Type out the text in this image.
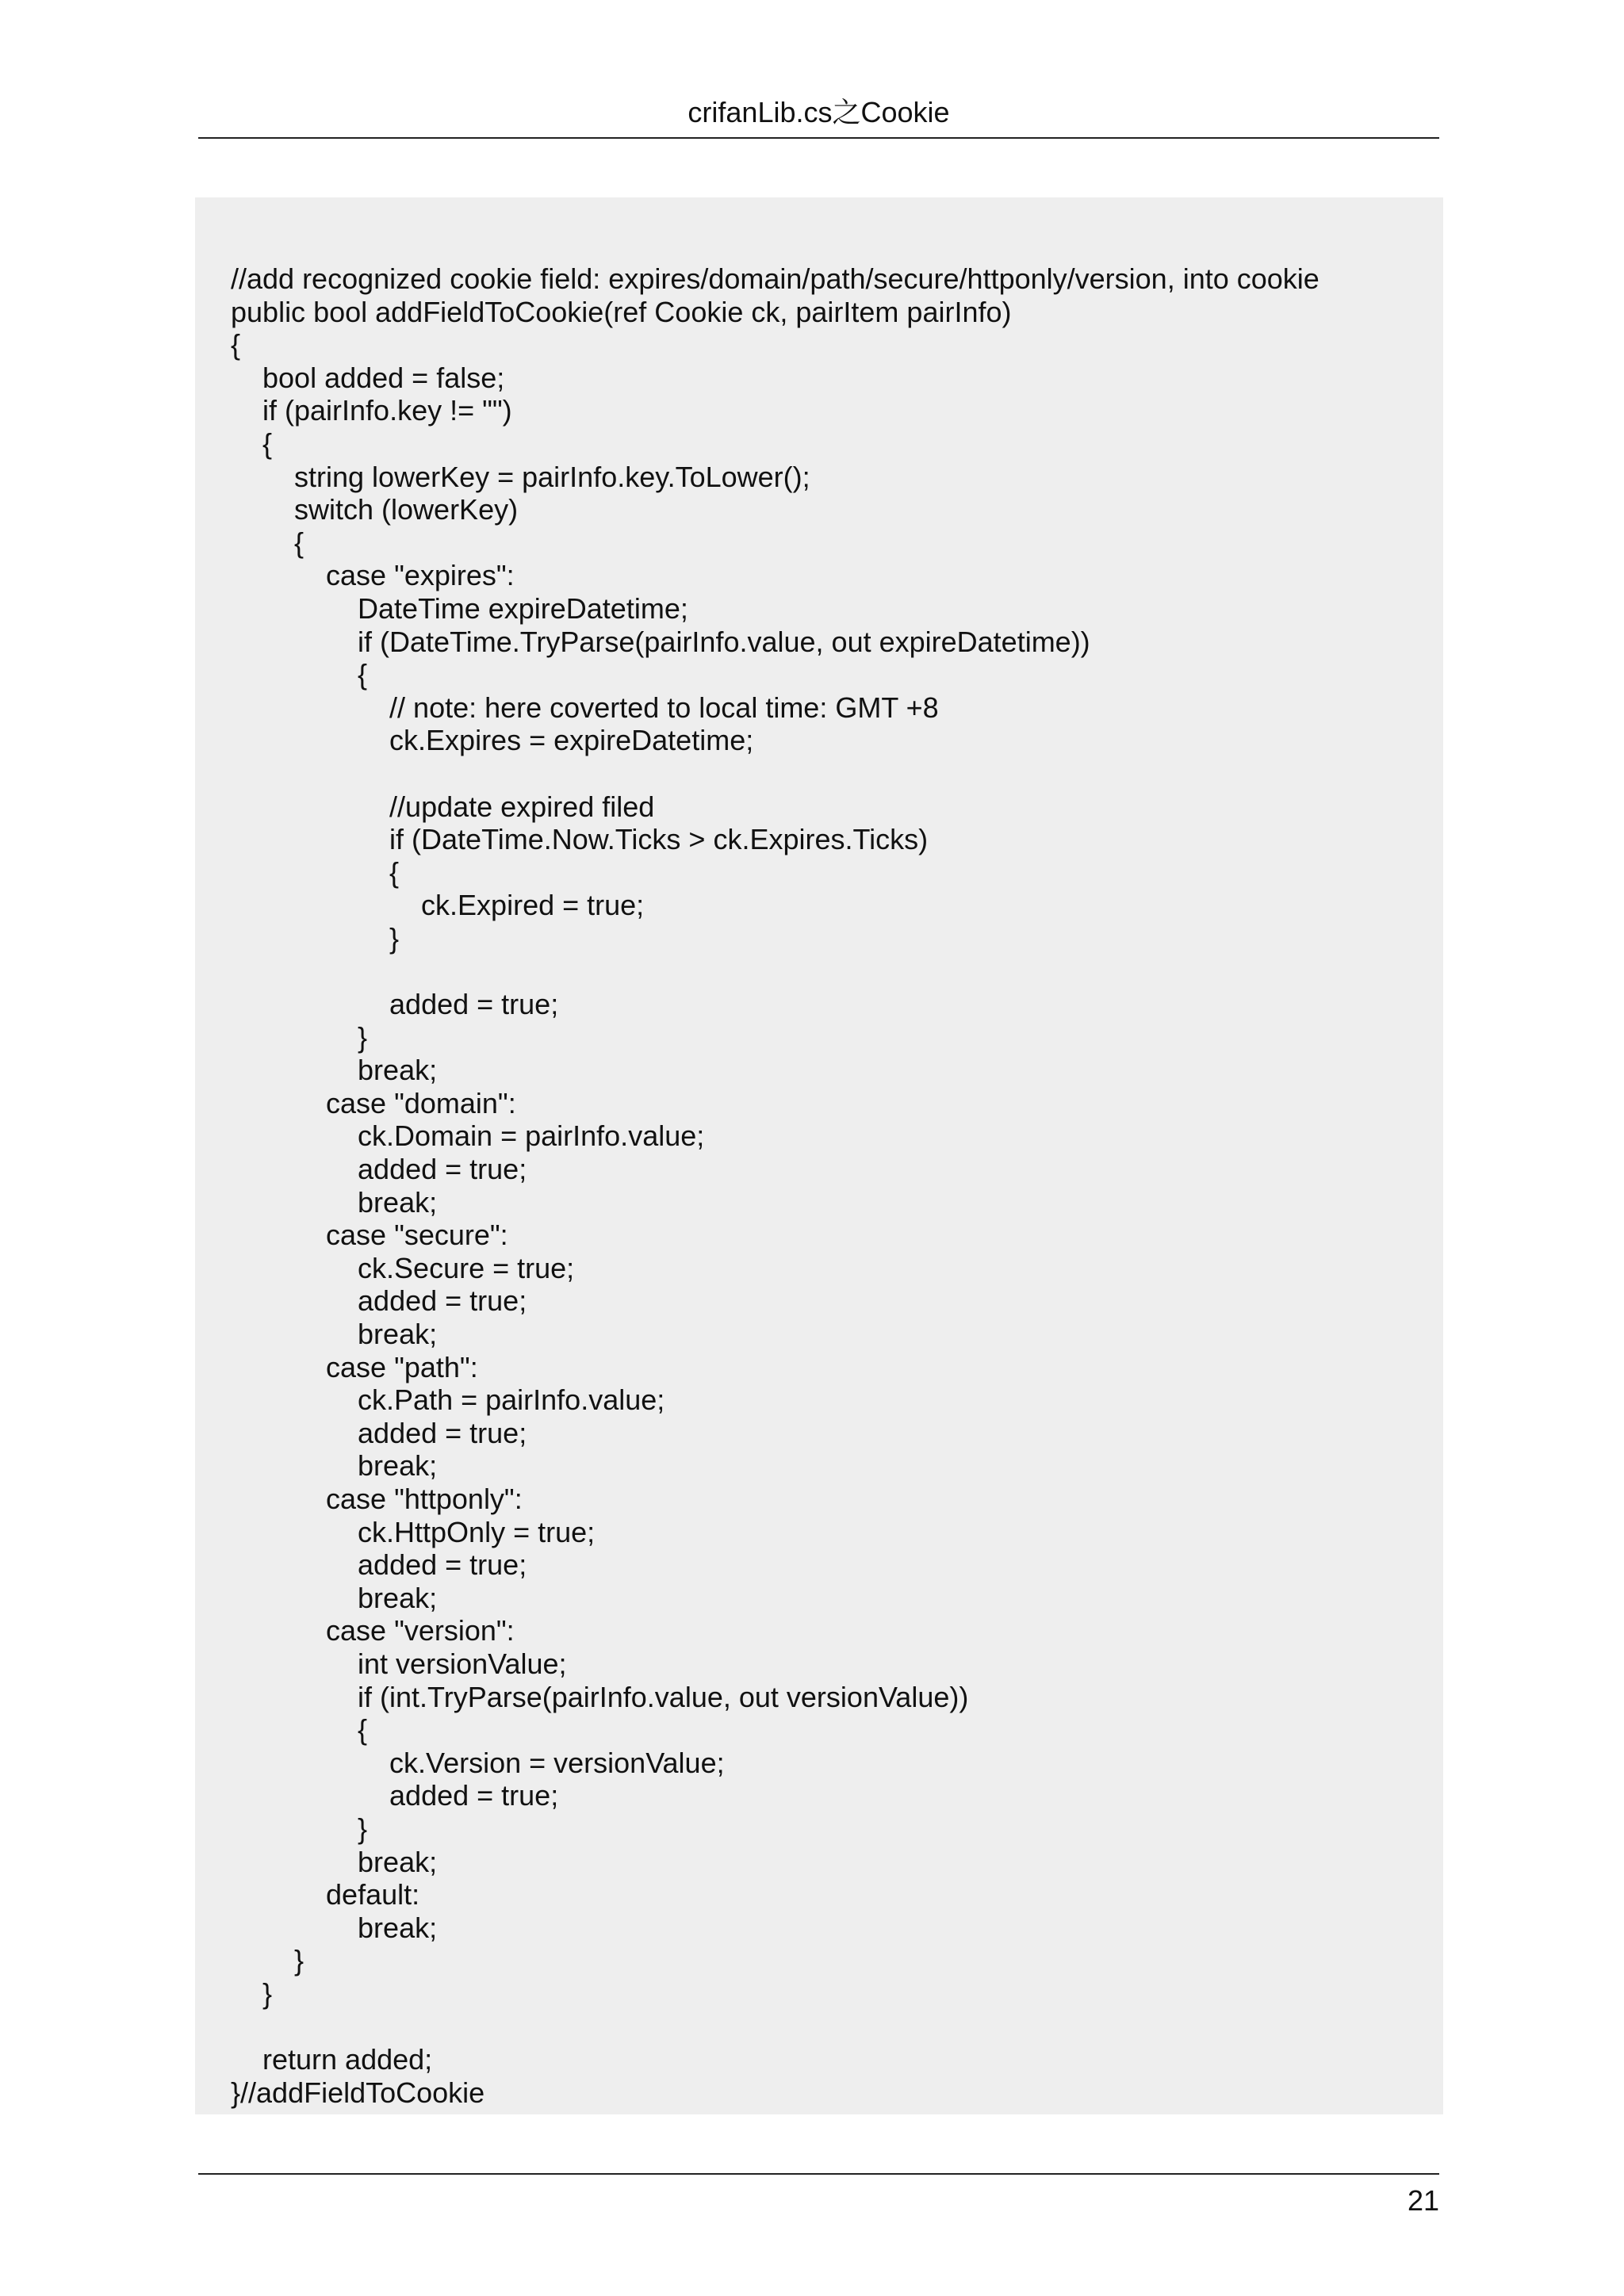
crifanLib.cs之Cookie
//add recognized cookie field: expires/domain/path/secure/httponly/version, into cookie
public bool addFieldToCookie(ref Cookie ck, pairItem pairInfo)
{
bool added = false;
if (pairInfo.key != "")
{
string lowerKey = pairInfo.key.ToLower();
switch (lowerKey)
{
case "expires":
DateTime expireDatetime;
if (DateTime.TryParse(pairInfo.value, out expireDatetime))
{
// note: here coverted to local time: GMT +8
ck.Expires = expireDatetime;
//update expired filed
if (DateTime.Now.Ticks > ck.Expires.Ticks)
{
ck.Expired = true;
}
added = true;
}
break;
case "domain":
ck.Domain = pairInfo.value;
added = true;
break;
case "secure":
ck.Secure = true;
added = true;
break;
case "path":
ck.Path = pairInfo.value;
added = true;
break;
case "httponly":
ck.HttpOnly = true;
added = true;
break;
case "version":
int versionValue;
if (int.TryParse(pairInfo.value, out versionValue))
{
ck.Version = versionValue;
added = true;
}
break;
default:
break;
}
}
return added;
}//addFieldToCookie
21
